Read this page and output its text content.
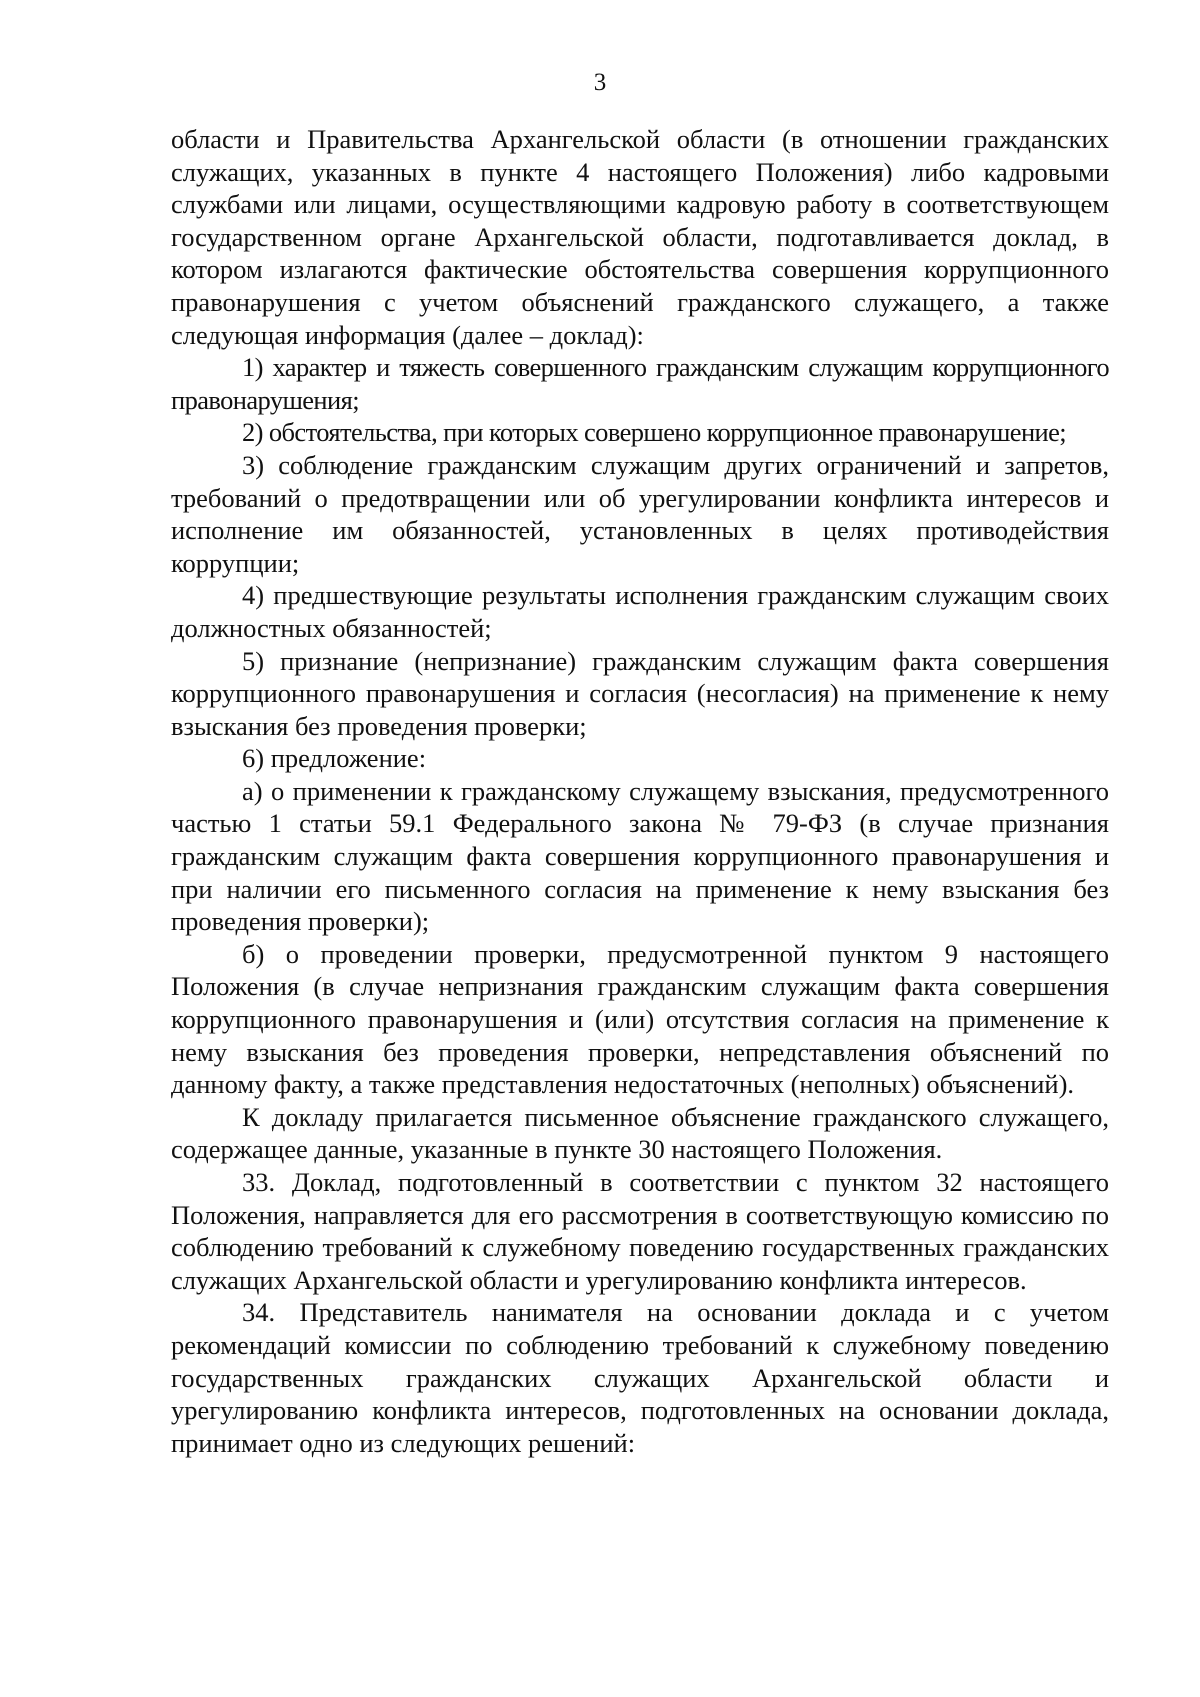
3

области и Правительства Архангельской области (в отношении гражданских служащих, указанных в пункте 4 настоящего Положения) либо кадровыми службами или лицами, осуществляющими кадровую работу в соответствующем государственном органе Архангельской области, подготавливается доклад, в котором излагаются фактические обстоятельства совершения коррупционного правонарушения с учетом объяснений гражданского служащего, а также следующая информация (далее – доклад):

1) характер и тяжесть совершенного гражданским служащим коррупционного правонарушения;

2) обстоятельства, при которых совершено коррупционное правонарушение;

3) соблюдение гражданским служащим других ограничений и запретов, требований о предотвращении или об урегулировании конфликта интересов и исполнение им обязанностей, установленных в целях противодействия коррупции;

4) предшествующие результаты исполнения гражданским служащим своих должностных обязанностей;

5) признание (непризнание) гражданским служащим факта совершения коррупционного правонарушения и согласия (несогласия) на применение к нему взыскания без проведения проверки;

6) предложение:

а) о применении к гражданскому служащему взыскания, предусмотренного частью 1 статьи 59.1 Федерального закона № 79-ФЗ (в случае признания гражданским служащим факта совершения коррупционного правонарушения и при наличии его письменного согласия на применение к нему взыскания без проведения проверки);

б) о проведении проверки, предусмотренной пунктом 9 настоящего Положения (в случае непризнания гражданским служащим факта совершения коррупционного правонарушения и (или) отсутствия согласия на применение к нему взыскания без проведения проверки, непредставления объяснений по данному факту, а также представления недостаточных (неполных) объяснений).

К докладу прилагается письменное объяснение гражданского служащего, содержащее данные, указанные в пункте 30 настоящего Положения.

33. Доклад, подготовленный в соответствии с пунктом 32 настоящего Положения, направляется для его рассмотрения в соответствующую комиссию по соблюдению требований к служебному поведению государственных гражданских служащих Архангельской области и урегулированию конфликта интересов.

34. Представитель нанимателя на основании доклада и с учетом рекомендаций комиссии по соблюдению требований к служебному поведению государственных гражданских служащих Архангельской области и урегулированию конфликта интересов, подготовленных на основании доклада, принимает одно из следующих решений:
